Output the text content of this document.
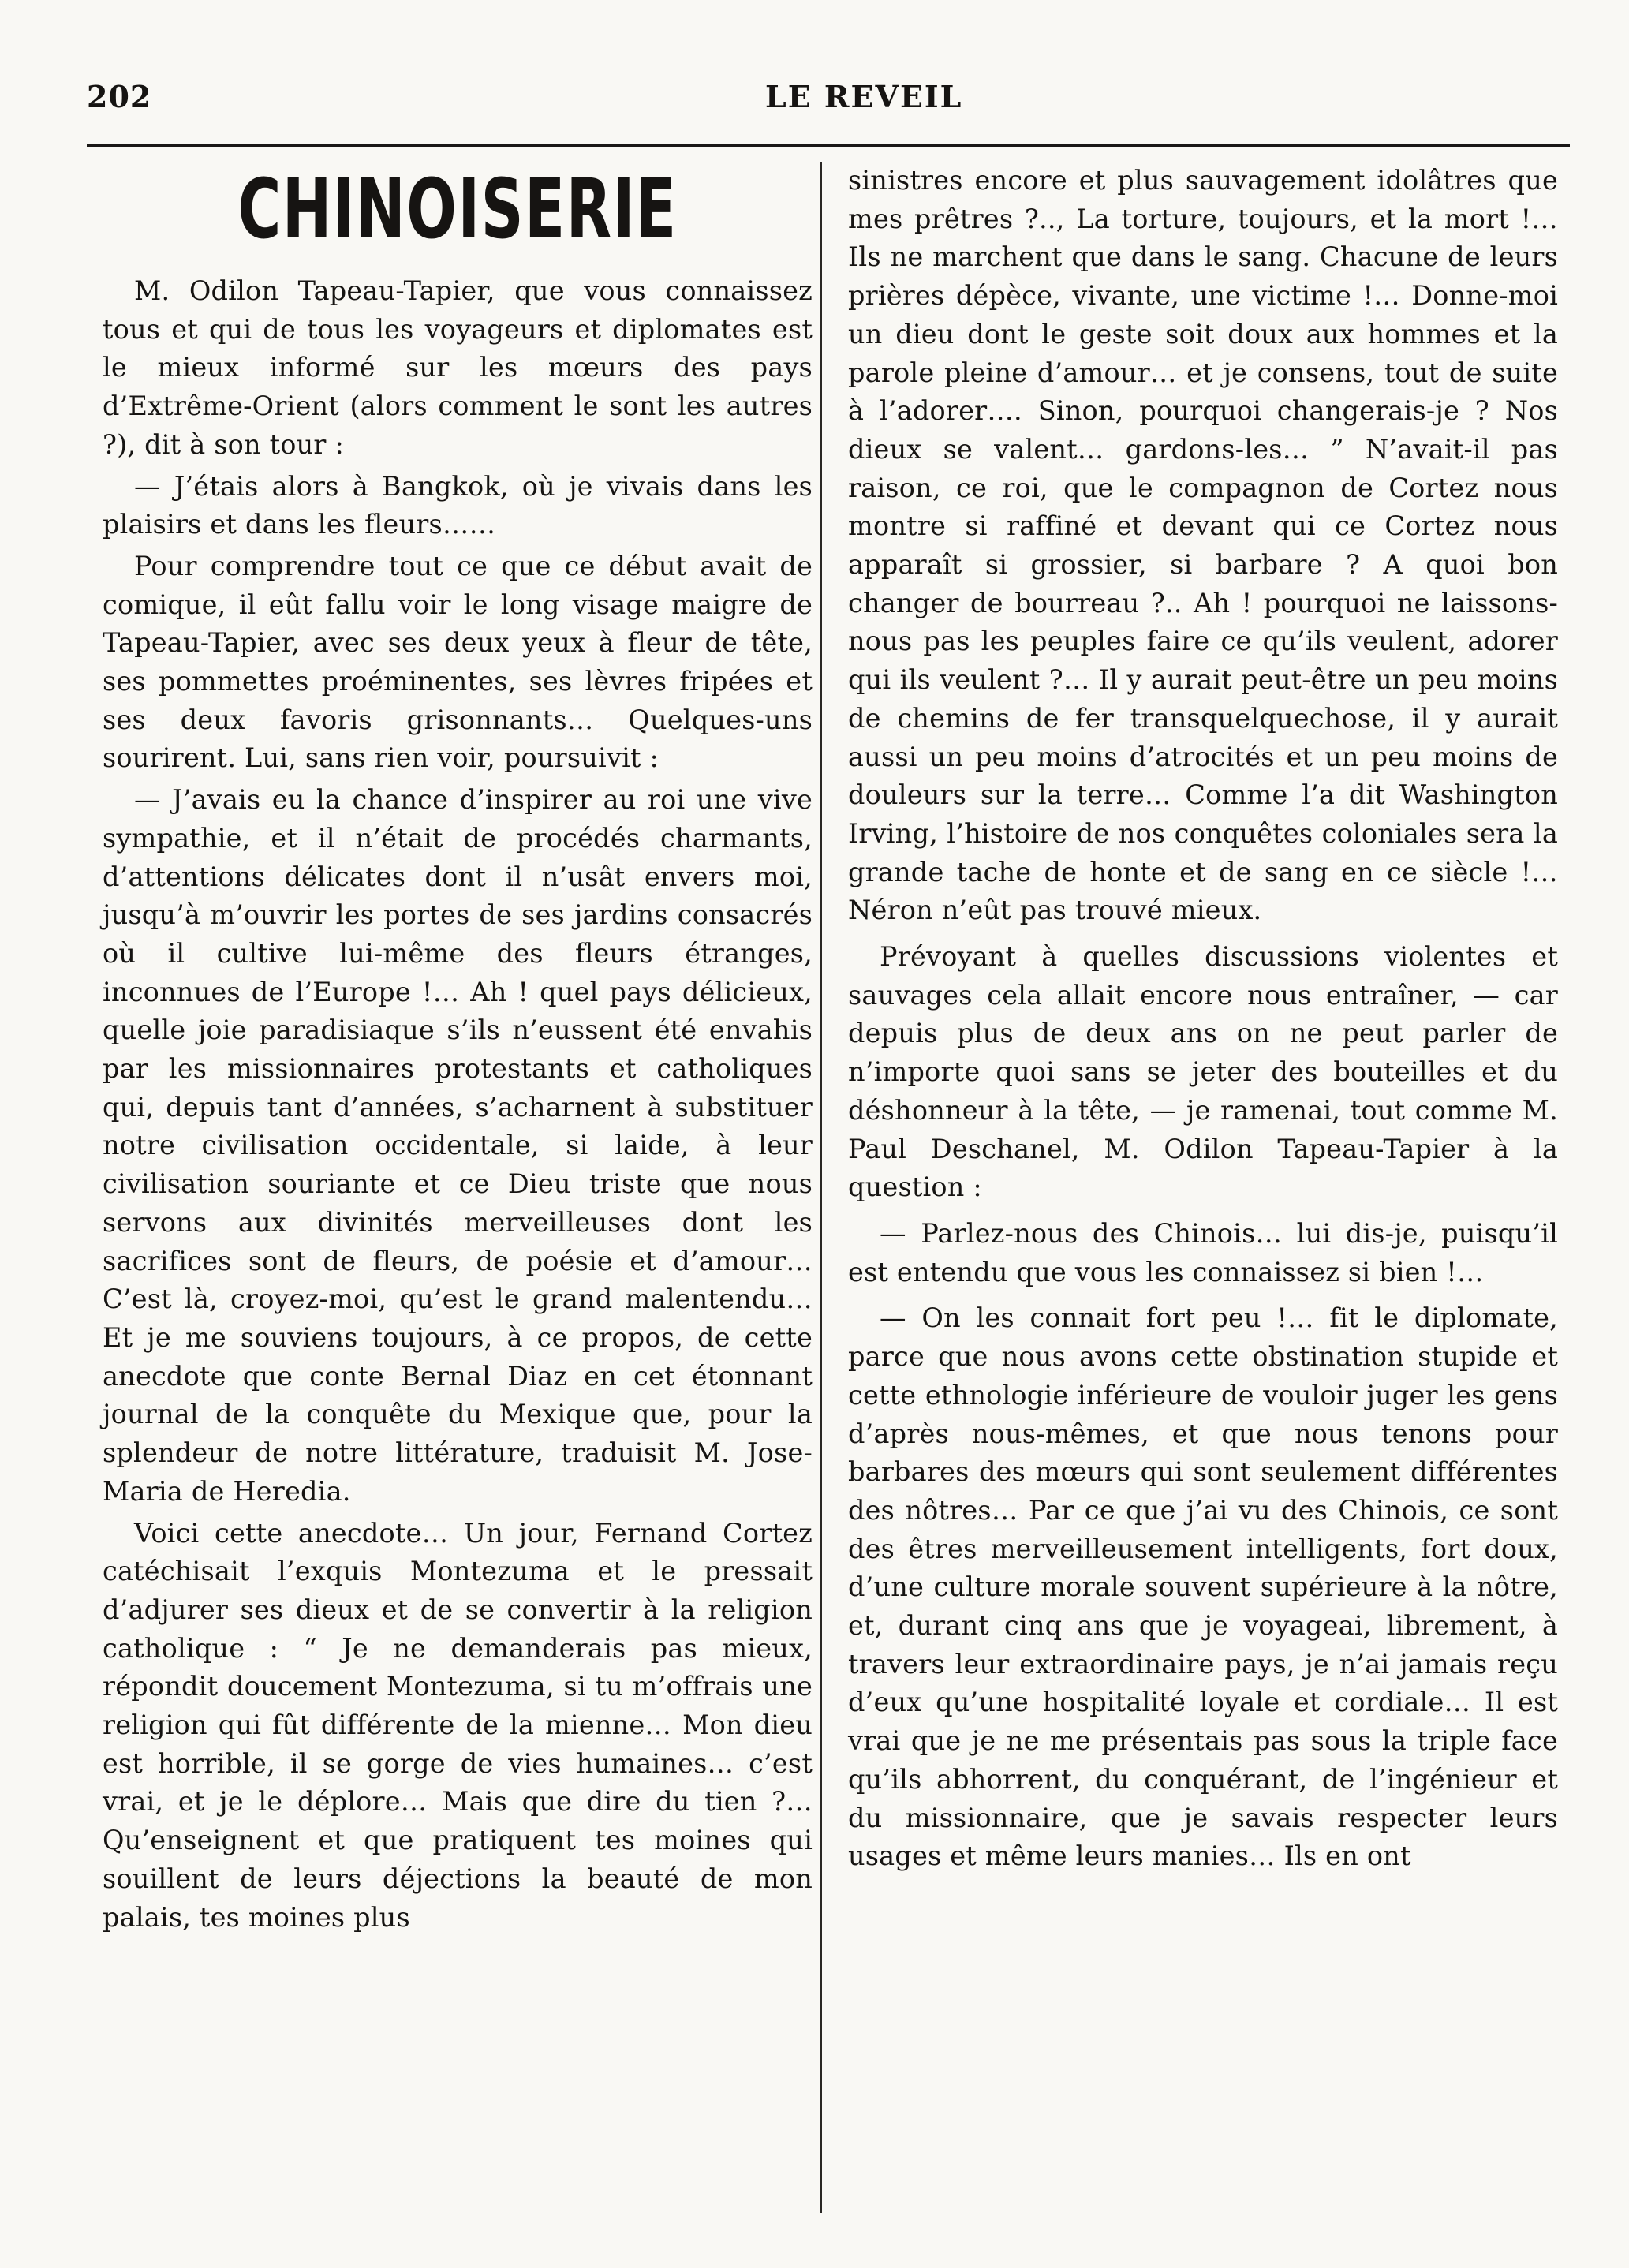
202	LE REVEIL
CHINOISERIE

M. Odilon Tapeau-Tapier, que vous connaissez tous et qui de tous les voyageurs et diplomates est le mieux informé sur les mœurs des pays d’Extrême-Orient (alors comment le sont les autres ?), dit à son tour :

— J’étais alors à Bangkok, où je vivais dans les plaisirs et dans les fleurs……

Pour comprendre tout ce que ce début avait de comique, il eût fallu voir le long visage maigre de Tapeau-Tapier, avec ses deux yeux à fleur de tête, ses pommettes proéminentes, ses lèvres fripées et ses deux favoris grisonnants… Quelques-uns sourirent. Lui, sans rien voir, poursuivit :

— J’avais eu la chance d’inspirer au roi une vive sympathie, et il n’était de procédés charmants, d’attentions délicates dont il n’usât envers moi, jusqu’à m’ouvrir les portes de ses jardins consacrés où il cultive lui-même des fleurs étranges, inconnues de l’Europe !… Ah ! quel pays délicieux, quelle joie paradisiaque s’ils n’eussent été envahis par les missionnaires protestants et catholiques qui, depuis tant d’années, s’acharnent à substituer notre civilisation occidentale, si laide, à leur civilisation souriante et ce Dieu triste que nous servons aux divinités merveilleuses dont les sacrifices sont de fleurs, de poésie et d’amour… C’est là, croyez-moi, qu’est le grand malentendu… Et je me souviens toujours, à ce propos, de cette anecdote que conte Bernal Diaz en cet étonnant journal de la conquête du Mexique que, pour la splendeur de notre littérature, traduisit M. Jose-Maria de Heredia.

Voici cette anecdote… Un jour, Fernand Cortez catéchisait l’exquis Montezuma et le pressait d’adjurer ses dieux et de se convertir à la religion catholique : “ Je ne demanderais pas mieux, répondit doucement Montezuma, si tu m’offrais une religion qui fût différente de la mienne… Mon dieu est horrible, il se gorge de vies humaines… c’est vrai, et je le déplore… Mais que dire du tien ?… Qu’enseignent et que pratiquent tes moines qui souillent de leurs déjections la beauté de mon palais, tes moines plus

sinistres encore et plus sauvagement idolâtres que mes prêtres ?.., La torture, toujours, et la mort !… Ils ne marchent que dans le sang. Chacune de leurs prières dépèce, vivante, une victime !… Donne-moi un dieu dont le geste soit doux aux hommes et la parole pleine d’amour… et je consens, tout de suite à l’adorer…. Sinon, pourquoi changerais-je ? Nos dieux se valent… gardons-les… ” N’avait-il pas raison, ce roi, que le compagnon de Cortez nous montre si raffiné et devant qui ce Cortez nous apparaît si grossier, si barbare ? A quoi bon changer de bourreau ?.. Ah ! pourquoi ne laissons-nous pas les peuples faire ce qu’ils veulent, adorer qui ils veulent ?… Il y aurait peut-être un peu moins de chemins de fer transquelquechose, il y aurait aussi un peu moins d’atrocités et un peu moins de douleurs sur la terre… Comme l’a dit Washington Irving, l’histoire de nos conquêtes coloniales sera la grande tache de honte et de sang en ce siècle !… Néron n’eût pas trouvé mieux.

Prévoyant à quelles discussions violentes et sauvages cela allait encore nous entraîner, — car depuis plus de deux ans on ne peut parler de n’importe quoi sans se jeter des bouteilles et du déshonneur à la tête, — je ramenai, tout comme M. Paul Deschanel, M. Odilon Tapeau-Tapier à la question :

— Parlez-nous des Chinois… lui dis-je, puisqu’il est entendu que vous les connaissez si bien !…

— On les connait fort peu !… fit le diplomate, parce que nous avons cette obstination stupide et cette ethnologie inférieure de vouloir juger les gens d’après nous-mêmes, et que nous tenons pour barbares des mœurs qui sont seulement différentes des nôtres… Par ce que j’ai vu des Chinois, ce sont des êtres merveilleusement intelligents, fort doux, d’une culture morale souvent supérieure à la nôtre, et, durant cinq ans que je voyageai, librement, à travers leur extraordinaire pays, je n’ai jamais reçu d’eux qu’une hospitalité loyale et cordiale… Il est vrai que je ne me présentais pas sous la triple face qu’ils abhorrent, du conquérant, de l’ingénieur et du missionnaire, que je savais respecter leurs usages et même leurs manies… Ils en ont
